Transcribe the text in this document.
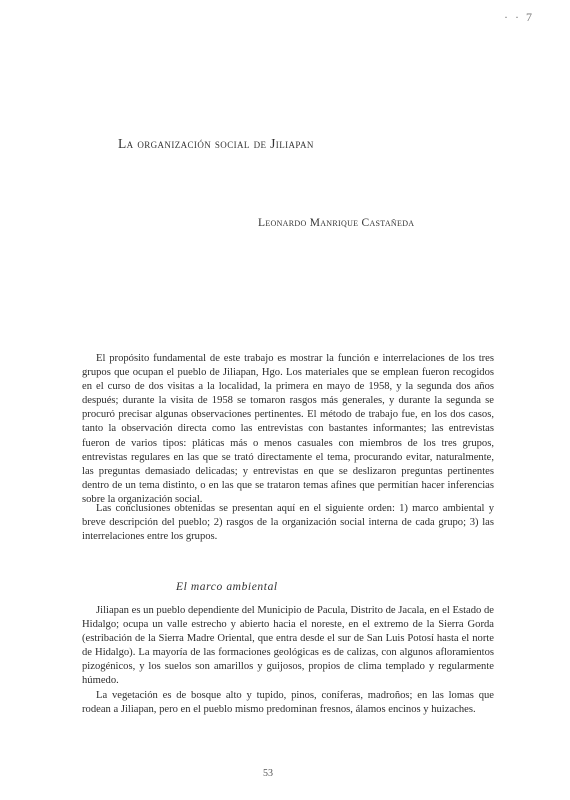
· · 7
La organización social de Jiliapan
Leonardo Manrique Castañeda

El propósito fundamental de este trabajo es mostrar la función e interrelaciones de los tres grupos que ocupan el pueblo de Jiliapan, Hgo. Los materiales que se emplean fueron recogidos en el curso de dos visitas a la localidad, la primera en mayo de 1958, y la segunda dos años después; durante la visita de 1958 se tomaron rasgos más generales, y durante la segunda se procuró precisar algunas observaciones pertinentes. El método de trabajo fue, en los dos casos, tanto la observación directa como las entrevistas con bastantes informantes; las entrevistas fueron de varios tipos: pláticas más o menos casuales con miembros de los tres grupos, entrevistas regulares en las que se trató directamente el tema, procurando evitar, naturalmente, las preguntas demasiado delicadas; y entrevistas en que se deslizaron preguntas pertinentes dentro de un tema distinto, o en las que se trataron temas afines que permitían hacer inferencias sobre la organización social.

Las conclusiones obtenidas se presentan aquí en el siguiente orden: 1) marco ambiental y breve descripción del pueblo; 2) rasgos de la organización social interna de cada grupo; 3) las interrelaciones entre los grupos.

El marco ambiental

Jiliapan es un pueblo dependiente del Municipio de Pacula, Distrito de Jacala, en el Estado de Hidalgo; ocupa un valle estrecho y abierto hacia el noreste, en el extremo de la Sierra Gorda (estribación de la Sierra Madre Oriental, que entra desde el sur de San Luis Potosí hasta el norte de Hidalgo). La mayoría de las formaciones geológicas es de calizas, con algunos afloramientos pizogénicos, y los suelos son amarillos y guijosos, propios de clima templado y regularmente húmedo.

La vegetación es de bosque alto y tupido, pinos, coníferas, madroños; en las lomas que rodean a Jiliapan, pero en el pueblo mismo predominan fresnos, álamos encinos y huizaches.

53
